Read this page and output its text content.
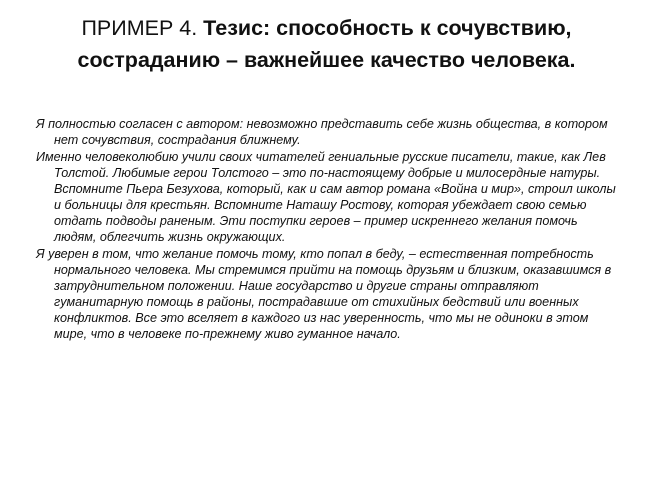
ПРИМЕР 4. Тезис: способность к сочувствию, состраданию – важнейшее качество человека.

Я полностью согласен с автором: невозможно представить себе жизнь общества, в котором нет сочувствия, сострадания ближнему.

Именно человеколюбию учили своих читателей гениальные русские писатели, такие, как Лев Толстой. Любимые герои Толстого – это по-настоящему добрые и милосердные натуры. Вспомните Пьера Безухова, который, как и сам автор романа «Война и мир», строил школы и больницы для крестьян. Вспомните Наташу Ростову, которая убеждает свою семью отдать подводы раненым. Эти поступки героев – пример искреннего желания помочь людям, облегчить жизнь окружающих.

Я уверен в том, что желание помочь тому, кто попал в беду, – естественная потребность нормального человека. Мы стремимся прийти на помощь друзьям и близким, оказавшимся в затруднительном положении. Наше государство и другие страны отправляют гуманитарную помощь в районы, пострадавшие от стихийных бедствий или военных конфликтов. Все это вселяет в каждого из нас уверенность, что мы не одиноки в этом мире, что в человеке по-прежнему живо гуманное начало.
